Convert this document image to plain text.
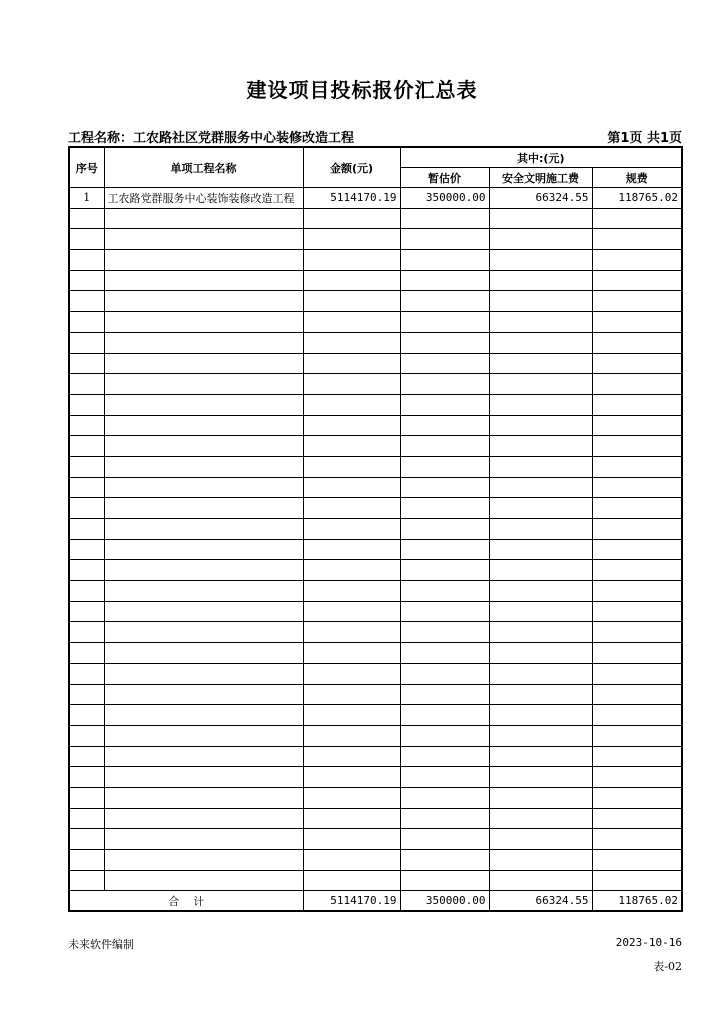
建设项目投标报价汇总表
工程名称：工农路社区党群服务中心装修改造工程	第1页 共1页
序号	单项工程名称	金额(元)	其中:(元)		
			暂估价	安全文明施工费	规费
1	工农路党群服务中心装饰装修改造工程	5114170.19	350000.00	66324.55	118765.02

合    计		5114170.19	350000.00	66324.55	118765.02
未来软件编制	2023-10-16
表-02
